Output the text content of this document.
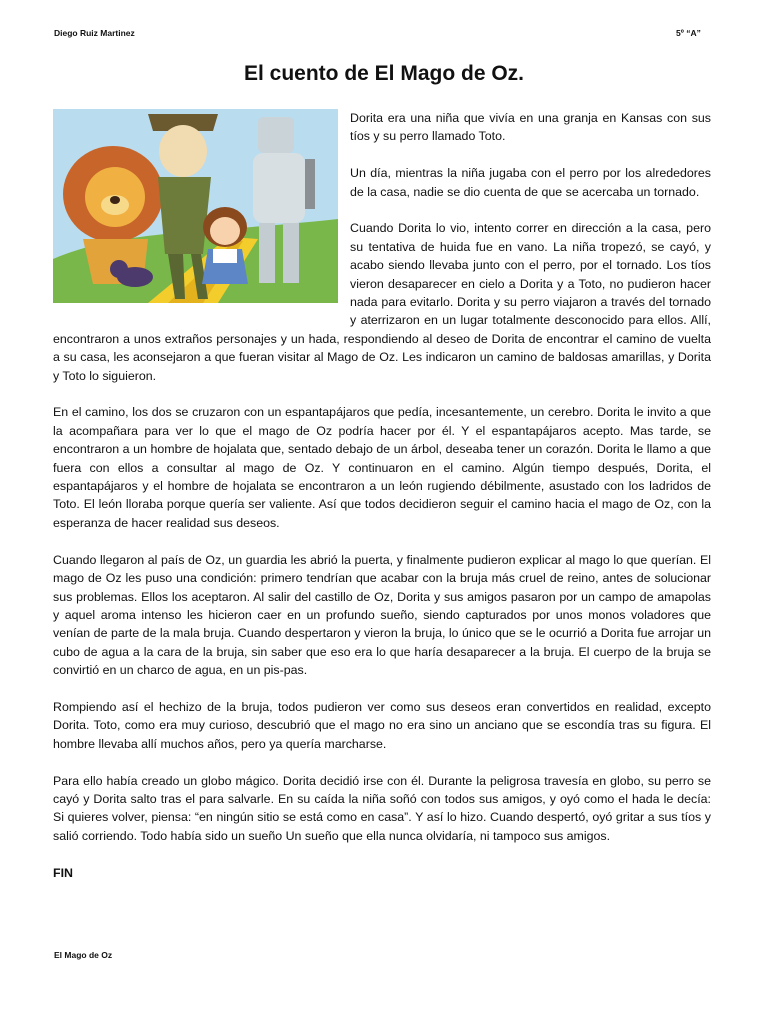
Diego Ruiz Martinez	5º “A”
El cuento de El Mago de Oz.

Dorita era una niña que vivía en una granja en Kansas con sus tíos y su perro llamado Toto.

Un día, mientras la niña jugaba con el perro por los alrededores de la casa, nadie se dio cuenta de que se acercaba un tornado.

Cuando Dorita lo vio, intento correr en dirección a la casa, pero su tentativa de huida fue en vano. La niña tropezó, se cayó, y acabo siendo llevaba junto con el perro, por el tornado. Los tíos vieron desaparecer en cielo a Dorita y a Toto, no pudieron hacer nada para evitarlo. Dorita y su perro viajaron a través del tornado y aterrizaron en un lugar totalmente desconocido para ellos. Allí, encontraron a unos extraños personajes y un hada, respondiendo al deseo de Dorita de encontrar el camino de vuelta a su casa, les aconsejaron a que fueran visitar al Mago de Oz. Les indicaron un camino de baldosas amarillas, y Dorita y Toto lo siguieron.

En el camino, los dos se cruzaron con un espantapájaros que pedía, incesantemente, un cerebro. Dorita le invito a que la acompañara para ver lo que el mago de Oz podría hacer por él. Y el espantapájaros acepto. Mas tarde, se encontraron a un hombre de hojalata que, sentado debajo de un árbol, deseaba tener un corazón. Dorita le llamo a que fuera con ellos a consultar al mago de Oz. Y continuaron en el camino. Algún tiempo después, Dorita, el espantapájaros y el hombre de hojalata se encontraron a un león rugiendo débilmente, asustado con los ladridos de Toto. El león lloraba porque quería ser valiente. Así que todos decidieron seguir el camino hacia el mago de Oz, con la esperanza de hacer realidad sus deseos.

Cuando llegaron al país de Oz, un guardia les abrió la puerta, y finalmente pudieron explicar al mago lo que querían. El mago de Oz les puso una condición: primero tendrían que acabar con la bruja más cruel de reino, antes de solucionar sus problemas. Ellos los aceptaron. Al salir del castillo de Oz, Dorita y sus amigos pasaron por un campo de amapolas y aquel aroma intenso les hicieron caer en un profundo sueño, siendo capturados por unos monos voladores que venían de parte de la mala bruja. Cuando despertaron y vieron la bruja, lo único que se le ocurrió a Dorita fue arrojar un cubo de agua a la cara de la bruja, sin saber que eso era lo que haría desaparecer a la bruja. El cuerpo de la bruja se convirtió en un charco de agua, en un pis-pas.

Rompiendo así el hechizo de la bruja, todos pudieron ver como sus deseos eran convertidos en realidad, excepto Dorita. Toto, como era muy curioso, descubrió que el mago no era sino un anciano que se escondía tras su figura. El hombre llevaba allí muchos años, pero ya quería marcharse.

Para ello había creado un globo mágico. Dorita decidió irse con él. Durante la peligrosa travesía en globo, su perro se cayó y Dorita salto tras el para salvarle. En su caída la niña soñó con todos sus amigos, y oyó como el hada le decía: Si quieres volver, piensa: “en ningún sitio se está como en casa”. Y así lo hizo. Cuando despertó, oyó gritar a sus tíos y salió corriendo. Todo había sido un sueño Un sueño que ella nunca olvidaría, ni tampoco sus amigos.

FIN

El Mago de Oz
